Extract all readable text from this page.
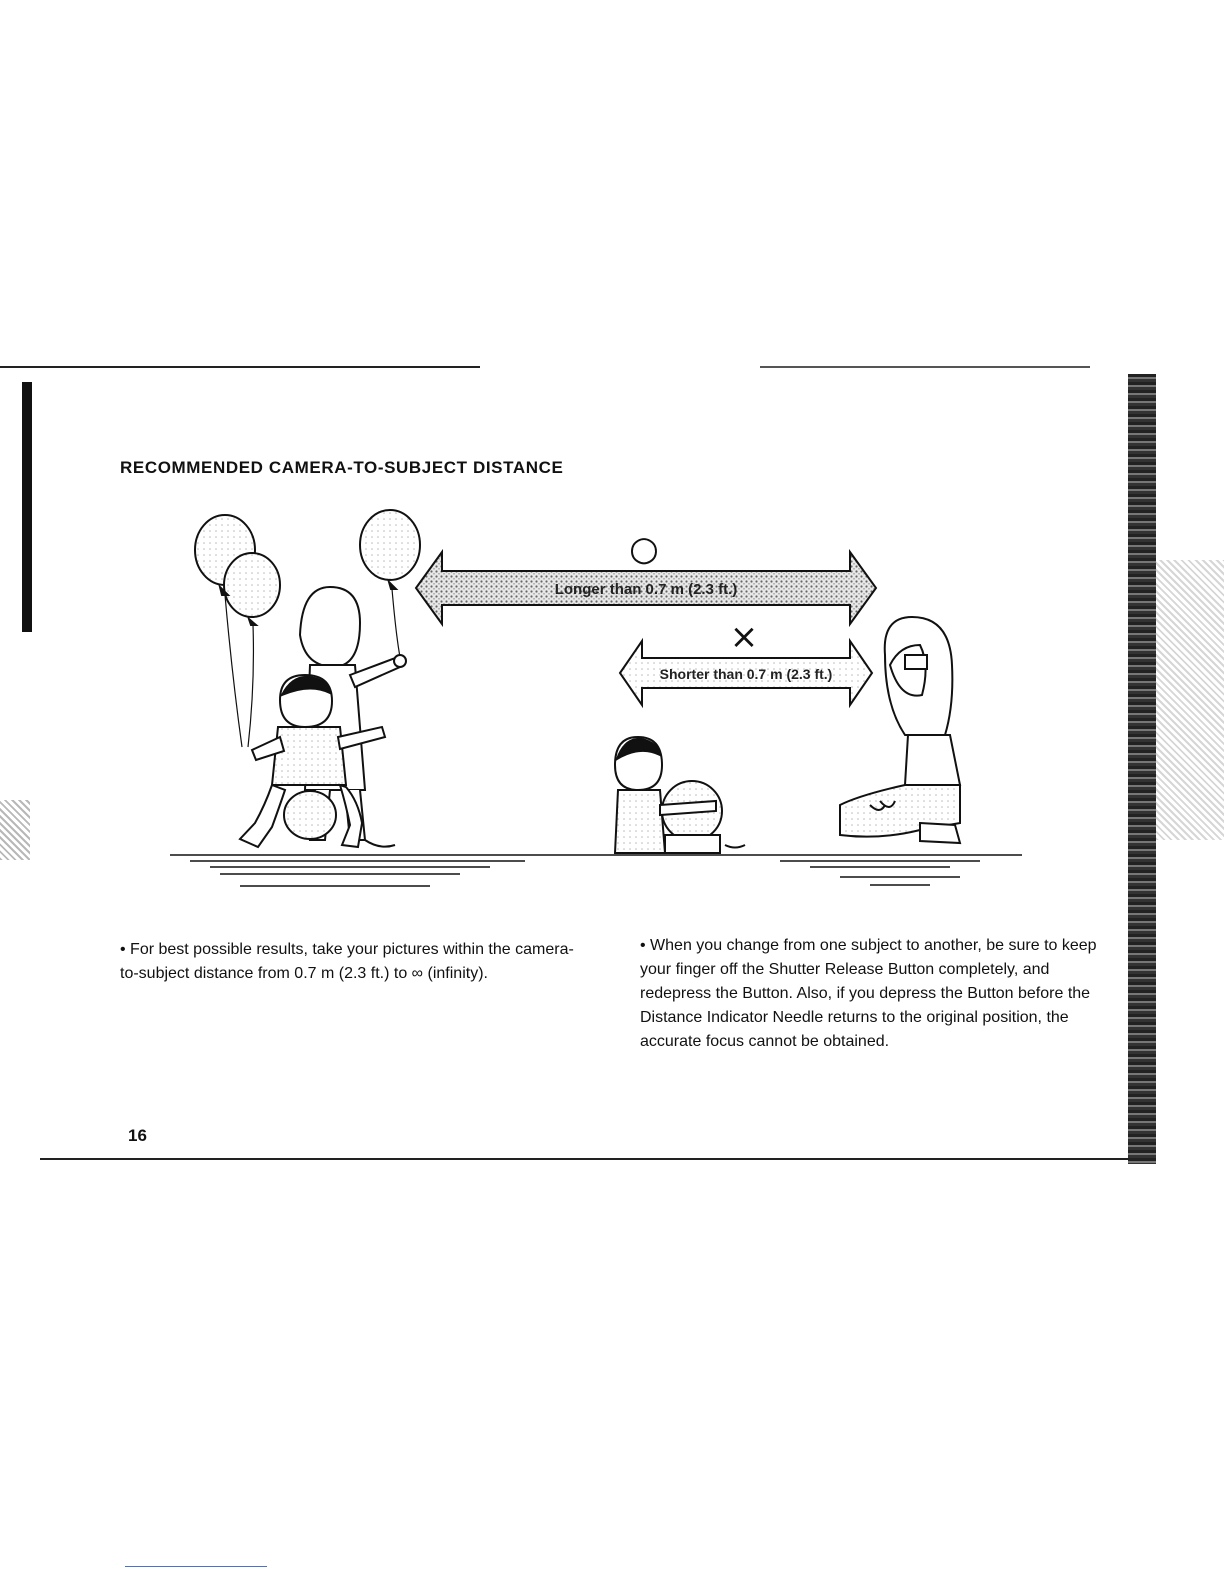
RECOMMENDED CAMERA-TO-SUBJECT DISTANCE
Longer than 0.7 m (2.3 ft.)
○
Shorter than 0.7 m (2.3 ft.)
×
• For best possible results, take your pictures within the camera-to-subject distance from 0.7 m (2.3 ft.) to ∞ (infinity).
• When you change from one subject to another, be sure to keep your finger off the Shutter Release Button completely, and redepress the Button. Also, if you depress the Button before the Distance Indicator Needle returns to the original position, the accurate focus cannot be obtained.
16
